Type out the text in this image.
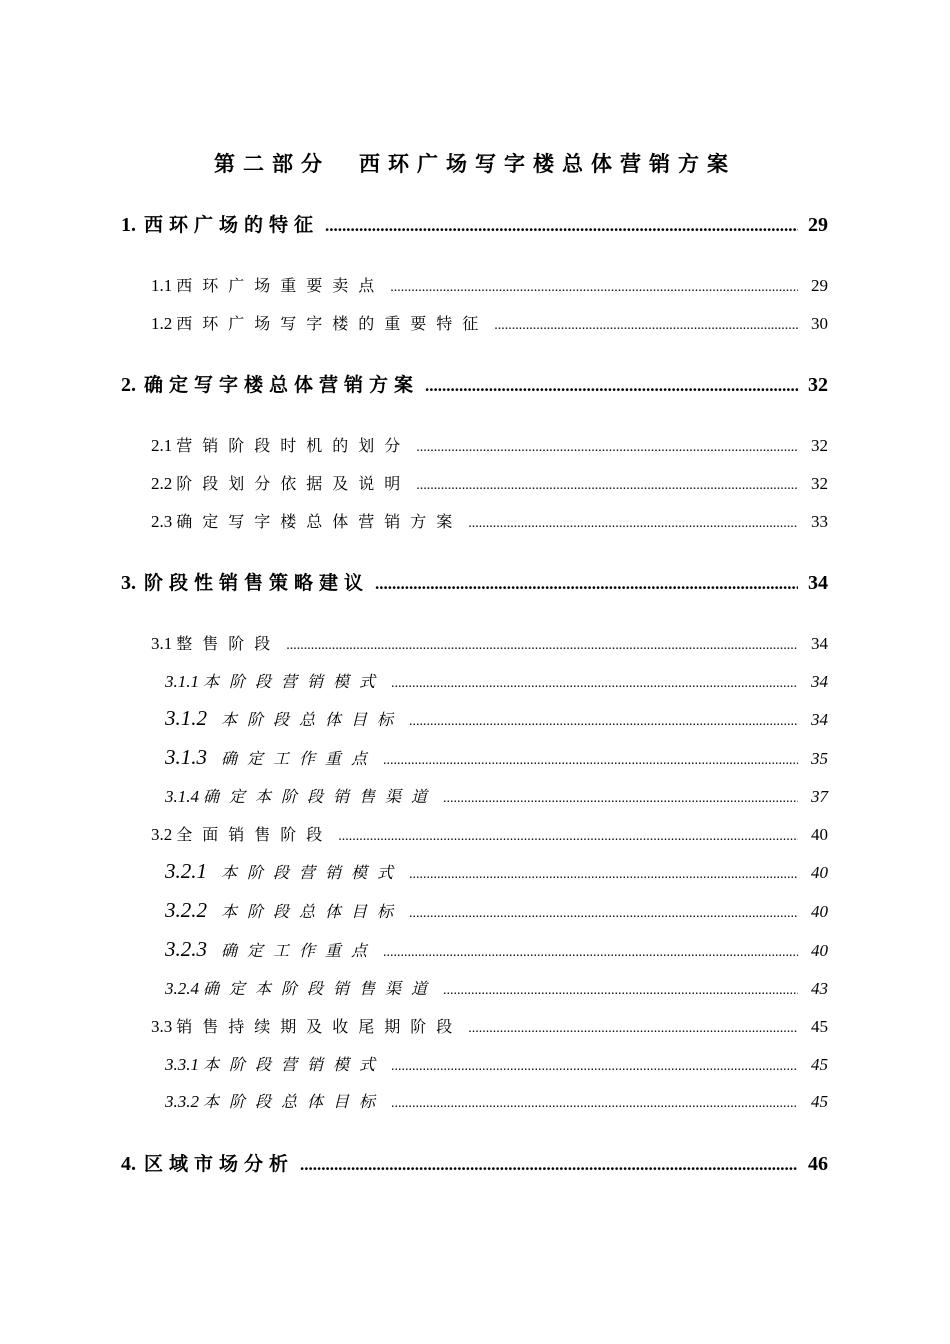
第二部分　西环广场写字楼总体营销方案
1. 西环广场的特征 .....	29
1.1 西环广场重要卖点 .....	29
1.2 西环广场写字楼的重要特征 .....	30
2. 确定写字楼总体营销方案 .....	32
2.1 营销阶段时机的划分 .....	32
2.2 阶段划分依据及说明 .....	32
2.3 确定写字楼总体营销方案 .....	33
3. 阶段性销售策略建议 .....	34
3.1 整售阶段 .....	34
3.1.1 本阶段营销模式 .....	34
3.1.2 本阶段总体目标 .....	34
3.1.3 确定工作重点 .....	35
3.1.4 确定本阶段销售渠道 .....	37
3.2 全面销售阶段 .....	40
3.2.1 本阶段营销模式 .....	40
3.2.2 本阶段总体目标 .....	40
3.2.3 确定工作重点 .....	40
3.2.4 确定本阶段销售渠道 .....	43
3.3 销售持续期及收尾期阶段 .....	45
3.3.1 本阶段营销模式 .....	45
3.3.2 本阶段总体目标 .....	45
4. 区域市场分析 .....	46
